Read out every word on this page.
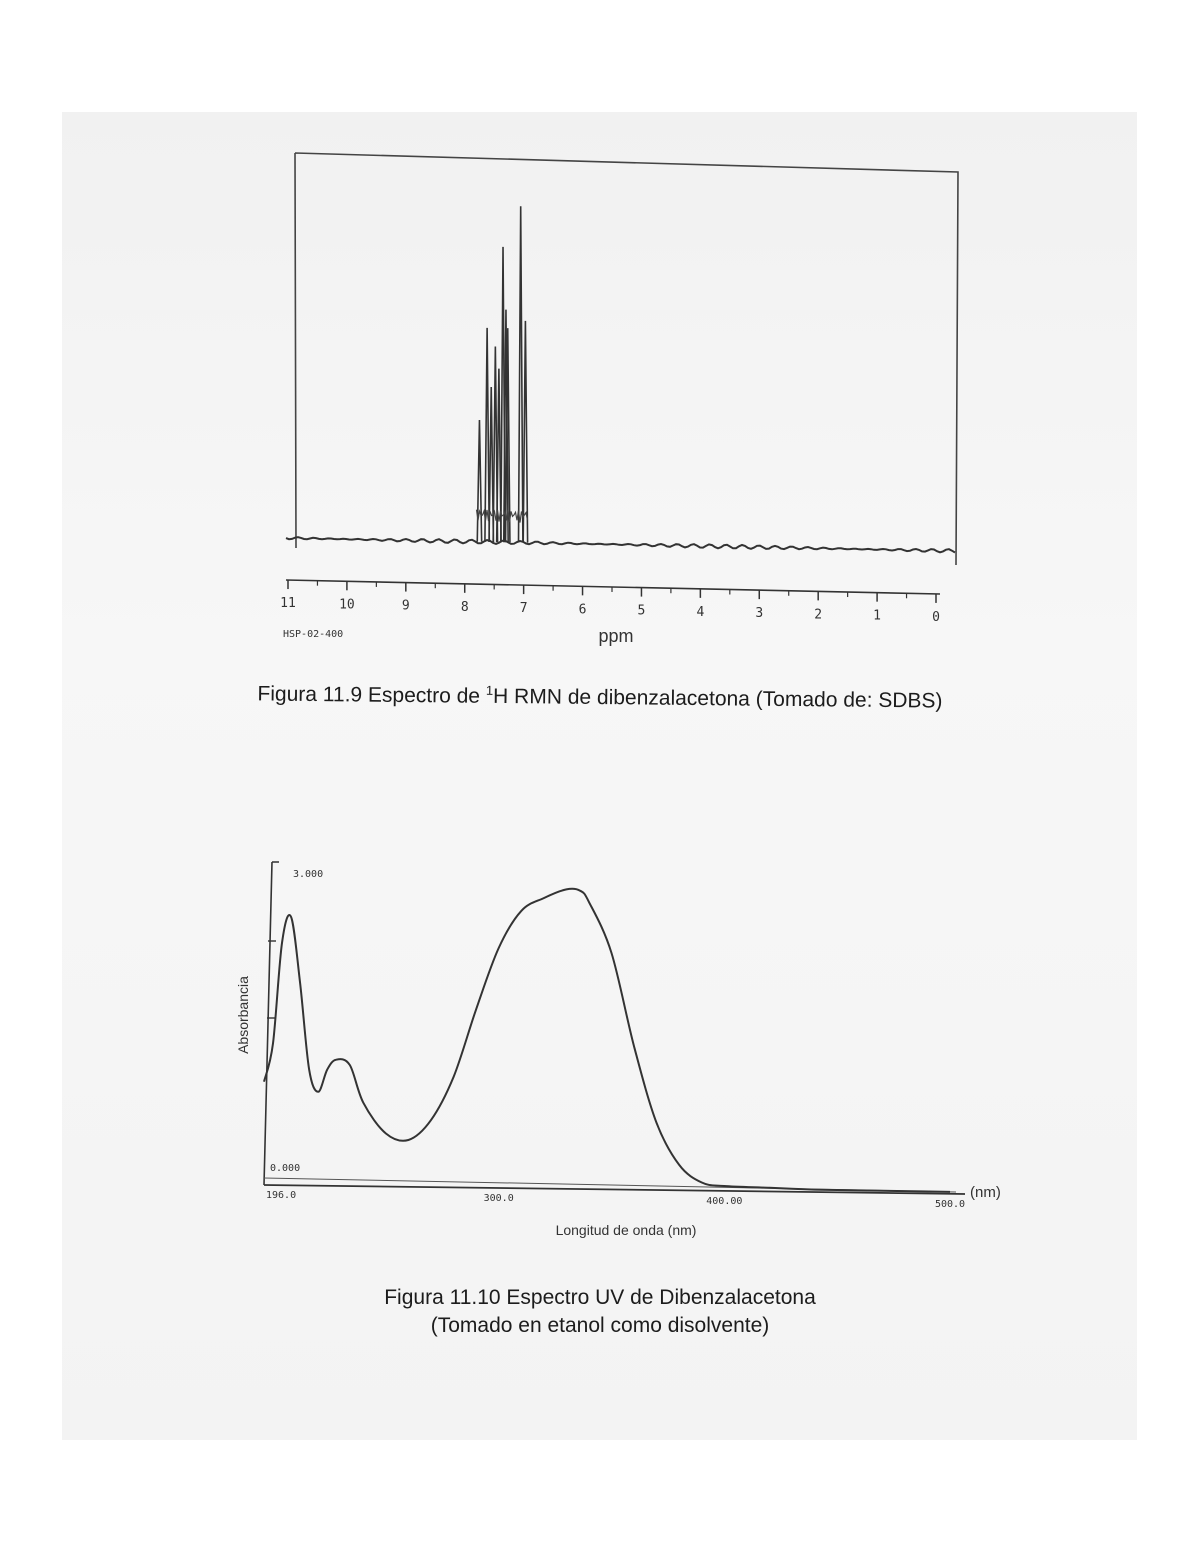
11	10	9	8	7	6	5	4	3	2	1	0
HSP-02-400	ppm
Figura 11.9 Espectro de $^1$H RMN de dibenzalacetona (Tomado de: SDBS)
3.000
0.000
196.0	300.0	400.00	500.0
(nm)
Absorbancia
Longitud de onda (nm)
Figura 11.10 Espectro UV de Dibenzalacetona
(Tomado en etanol como disolvente)
